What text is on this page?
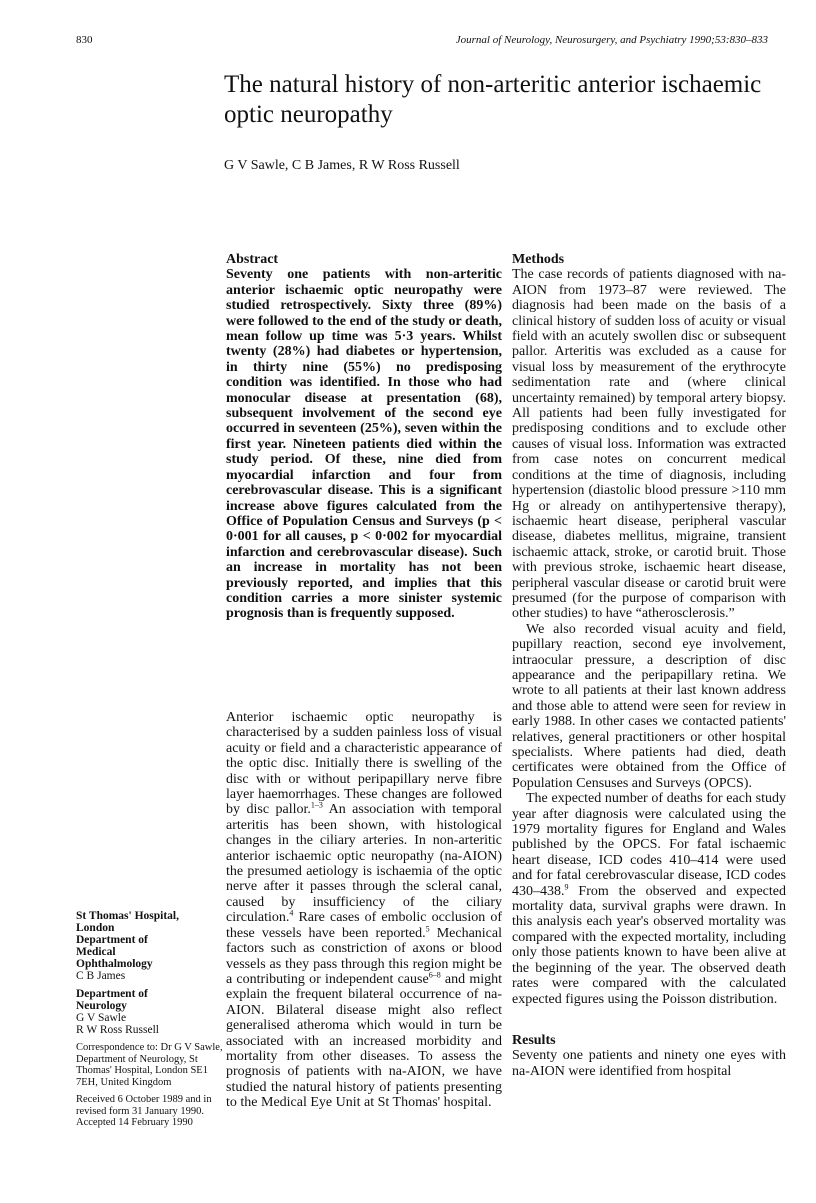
830	Journal of Neurology, Neurosurgery, and Psychiatry 1990;53:830–833
The natural history of non-arteritic anterior ischaemic optic neuropathy
G V Sawle, C B James, R W Ross Russell

Abstract

Seventy one patients with non-arteritic anterior ischaemic optic neuropathy were studied retrospectively. Sixty three (89%) were followed to the end of the study or death, mean follow up time was 5·3 years. Whilst twenty (28%) had diabetes or hypertension, in thirty nine (55%) no predisposing condition was identified. In those who had monocular disease at presentation (68), subsequent involvement of the second eye occurred in seventeen (25%), seven within the first year. Nineteen patients died within the study period. Of these, nine died from myocardial infarction and four from cerebrovascular disease. This is a significant increase above figures calculated from the Office of Population Census and Surveys (p < 0·001 for all causes, p < 0·002 for myocardial infarction and cerebrovascular disease). Such an increase in mortality has not been previously reported, and implies that this condition carries a more sinister systemic prognosis than is frequently supposed.

Anterior ischaemic optic neuropathy is characterised by a sudden painless loss of visual acuity or field and a characteristic appearance of the optic disc. Initially there is swelling of the disc with or without peripapillary nerve fibre layer haemorrhages. These changes are followed by disc pallor.$^{1-3}$ An association with temporal arteritis has been shown, with histological changes in the ciliary arteries. In non-arteritic anterior ischaemic optic neuropathy (na-AION) the presumed aetiology is ischaemia of the optic nerve after it passes through the scleral canal, caused by insufficiency of the ciliary circulation.$^4$ Rare cases of embolic occlusion of these vessels have been reported.$^5$ Mechanical factors such as constriction of axons or blood vessels as they pass through this region might be a contributing or independent cause$^{6-8}$ and might explain the frequent bilateral occurrence of na-AION. Bilateral disease might also reflect generalised atheroma which would in turn be associated with an increased morbidity and mortality from other diseases. To assess the prognosis of patients with na-AION, we have studied the natural history of patients presenting to the Medical Eye Unit at St Thomas' hospital.

Methods

The case records of patients diagnosed with na-AION from 1973–87 were reviewed. The diagnosis had been made on the basis of a clinical history of sudden loss of acuity or visual field with an acutely swollen disc or subsequent pallor. Arteritis was excluded as a cause for visual loss by measurement of the erythrocyte sedimentation rate and (where clinical uncertainty remained) by temporal artery biopsy. All patients had been fully investigated for predisposing conditions and to exclude other causes of visual loss. Information was extracted from case notes on concurrent medical conditions at the time of diagnosis, including hypertension (diastolic blood pressure >110 mm Hg or already on antihypertensive therapy), ischaemic heart disease, peripheral vascular disease, diabetes mellitus, migraine, transient ischaemic attack, stroke, or carotid bruit. Those with previous stroke, ischaemic heart disease, peripheral vascular disease or carotid bruit were presumed (for the purpose of comparison with other studies) to have “atherosclerosis.”

We also recorded visual acuity and field, pupillary reaction, second eye involvement, intraocular pressure, a description of disc appearance and the peripapillary retina. We wrote to all patients at their last known address and those able to attend were seen for review in early 1988. In other cases we contacted patients' relatives, general practitioners or other hospital specialists. Where patients had died, death certificates were obtained from the Office of Population Censuses and Surveys (OPCS).

The expected number of deaths for each study year after diagnosis were calculated using the 1979 mortality figures for England and Wales published by the OPCS. For fatal ischaemic heart disease, ICD codes 410–414 were used and for fatal cerebrovascular disease, ICD codes 430–438.$^9$ From the observed and expected mortality data, survival graphs were drawn. In this analysis each year's observed mortality was compared with the expected mortality, including only those patients known to have been alive at the beginning of the year. The observed death rates were compared with the calculated expected figures using the Poisson distribution.

Results

Seventy one patients and ninety one eyes with na-AION were identified from hospital

St Thomas' Hospital,
London
Department of
Medical
Ophthalmology
C B James
Department of
Neurology
G V Sawle
R W Ross Russell
Correspondence to: Dr G V Sawle, Department of Neurology, St Thomas' Hospital, London SE1 7EH, United Kingdom
Received 6 October 1989 and in revised form 31 January 1990. Accepted 14 February 1990
